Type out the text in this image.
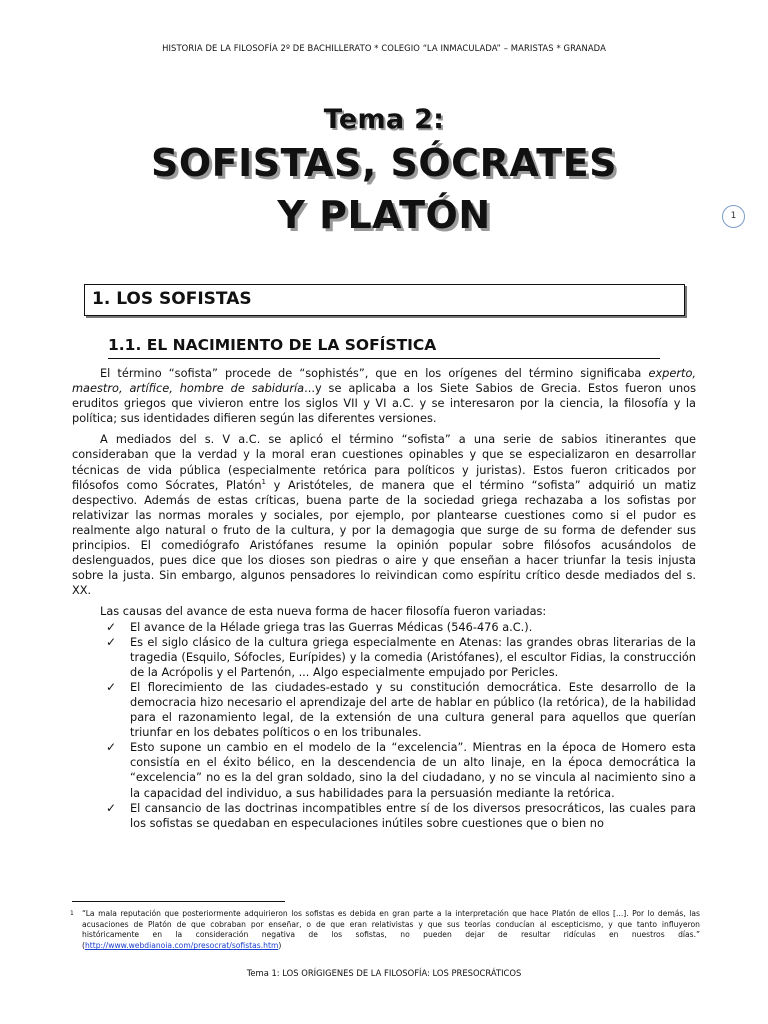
HISTORIA DE LA FILOSOFÍA 2º DE BACHILLERATO * COLEGIO “LA INMACULADA” – MARISTAS * GRANADA
Tema 2:
SOFISTAS, SÓCRATES
Y PLATÓN	1
1. LOS SOFISTAS
1.1. EL NACIMIENTO DE LA SOFÍSTICA

El término “sofista” procede de “sophistés”, que en los orígenes del término significaba experto, maestro, artífice, hombre de sabiduría...y se aplicaba a los Siete Sabios de Grecia. Estos fueron unos eruditos griegos que vivieron entre los siglos VII y VI a.C. y se interesaron por la ciencia, la filosofía y la política; sus identidades difieren según las diferentes versiones.

A mediados del s. V a.C. se aplicó el término “sofista” a una serie de sabios itinerantes que consideraban que la verdad y la moral eran cuestiones opinables y que se especializaron en desarrollar técnicas de vida pública (especialmente retórica para políticos y juristas). Estos fueron criticados por filósofos como Sócrates, Platón$^1$ y Aristóteles, de manera que el término “sofista” adquirió un matiz despectivo. Además de estas críticas, buena parte de la sociedad griega rechazaba a los sofistas por relativizar las normas morales y sociales, por ejemplo, por plantearse cuestiones como si el pudor es realmente algo natural o fruto de la cultura, y por la demagogia que surge de su forma de defender sus principios. El comediógrafo Aristófanes resume la opinión popular sobre filósofos acusándolos de deslenguados, pues dice que los dioses son piedras o aire y que enseñan a hacer triunfar la tesis injusta sobre la justa. Sin embargo, algunos pensadores lo reivindican como espíritu crítico desde mediados del s. XX.

Las causas del avance de esta nueva forma de hacer filosofía fueron variadas:

✓ El avance de la Hélade griega tras las Guerras Médicas (546-476 a.C.).
✓ Es el siglo clásico de la cultura griega especialmente en Atenas: las grandes obras literarias de la tragedia (Esquilo, Sófocles, Eurípides) y la comedia (Aristófanes), el escultor Fidias, la construcción de la Acrópolis y el Partenón, ... Algo especialmente empujado por Pericles.
✓ El florecimiento de las ciudades-estado y su constitución democrática. Este desarrollo de la democracia hizo necesario el aprendizaje del arte de hablar en público (la retórica), de la habilidad para el razonamiento legal, de la extensión de una cultura general para aquellos que querían triunfar en los debates políticos o en los tribunales.
✓ Esto supone un cambio en el modelo de la “excelencia”. Mientras en la época de Homero esta consistía en el éxito bélico, en la descendencia de un alto linaje, en la época democrática la “excelencia” no es la del gran soldado, sino la del ciudadano, y no se vincula al nacimiento sino a la capacidad del individuo, a sus habilidades para la persuasión mediante la retórica.
✓ El cansancio de las doctrinas incompatibles entre sí de los diversos presocráticos, las cuales para los sofistas se quedaban en especulaciones inútiles sobre cuestiones que o bien no
1	“La mala reputación que posteriormente adquirieron los sofistas es debida en gran parte a la interpretación que hace Platón de ellos [...]. Por lo demás, las acusaciones de Platón de que cobraban por enseñar, o de que eran relativistas y que sus teorías conducían al escepticismo, y que tanto influyeron históricamente en la consideración negativa de los sofistas, no pueden dejar de resultar ridículas en nuestros días.” (http://www.webdianoia.com/presocrat/sofistas.htm)
Tema 1: LOS ORÍGIGENES DE LA FILOSOFÍA: LOS PRESOCRÁTICOS
